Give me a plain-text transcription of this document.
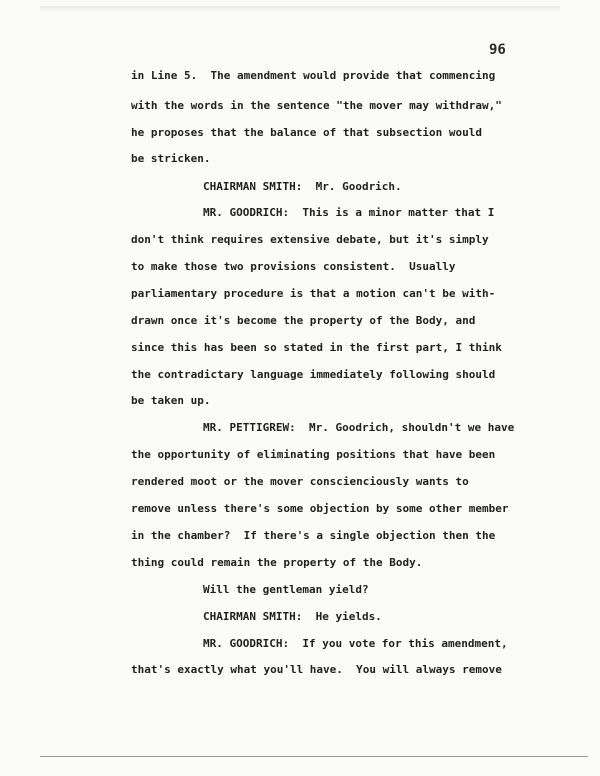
96

in Line 5.  The amendment would provide that commencing

with the words in the sentence "the mover may withdraw,"

he proposes that the balance of that subsection would

be stricken.

CHAIRMAN SMITH:  Mr. Goodrich.

MR. GOODRICH:  This is a minor matter that I

don't think requires extensive debate, but it's simply

to make those two provisions consistent.  Usually

parliamentary procedure is that a motion can't be with-

drawn once it's become the property of the Body, and

since this has been so stated in the first part, I think

the contradictary language immediately following should

be taken up.

MR. PETTIGREW:  Mr. Goodrich, shouldn't we have

the opportunity of eliminating positions that have been

rendered moot or the mover conscienciously wants to

remove unless there's some objection by some other member

in the chamber?  If there's a single objection then the

thing could remain the property of the Body.

Will the gentleman yield?

CHAIRMAN SMITH:  He yields.

MR. GOODRICH:  If you vote for this amendment,

that's exactly what you'll have.  You will always remove
